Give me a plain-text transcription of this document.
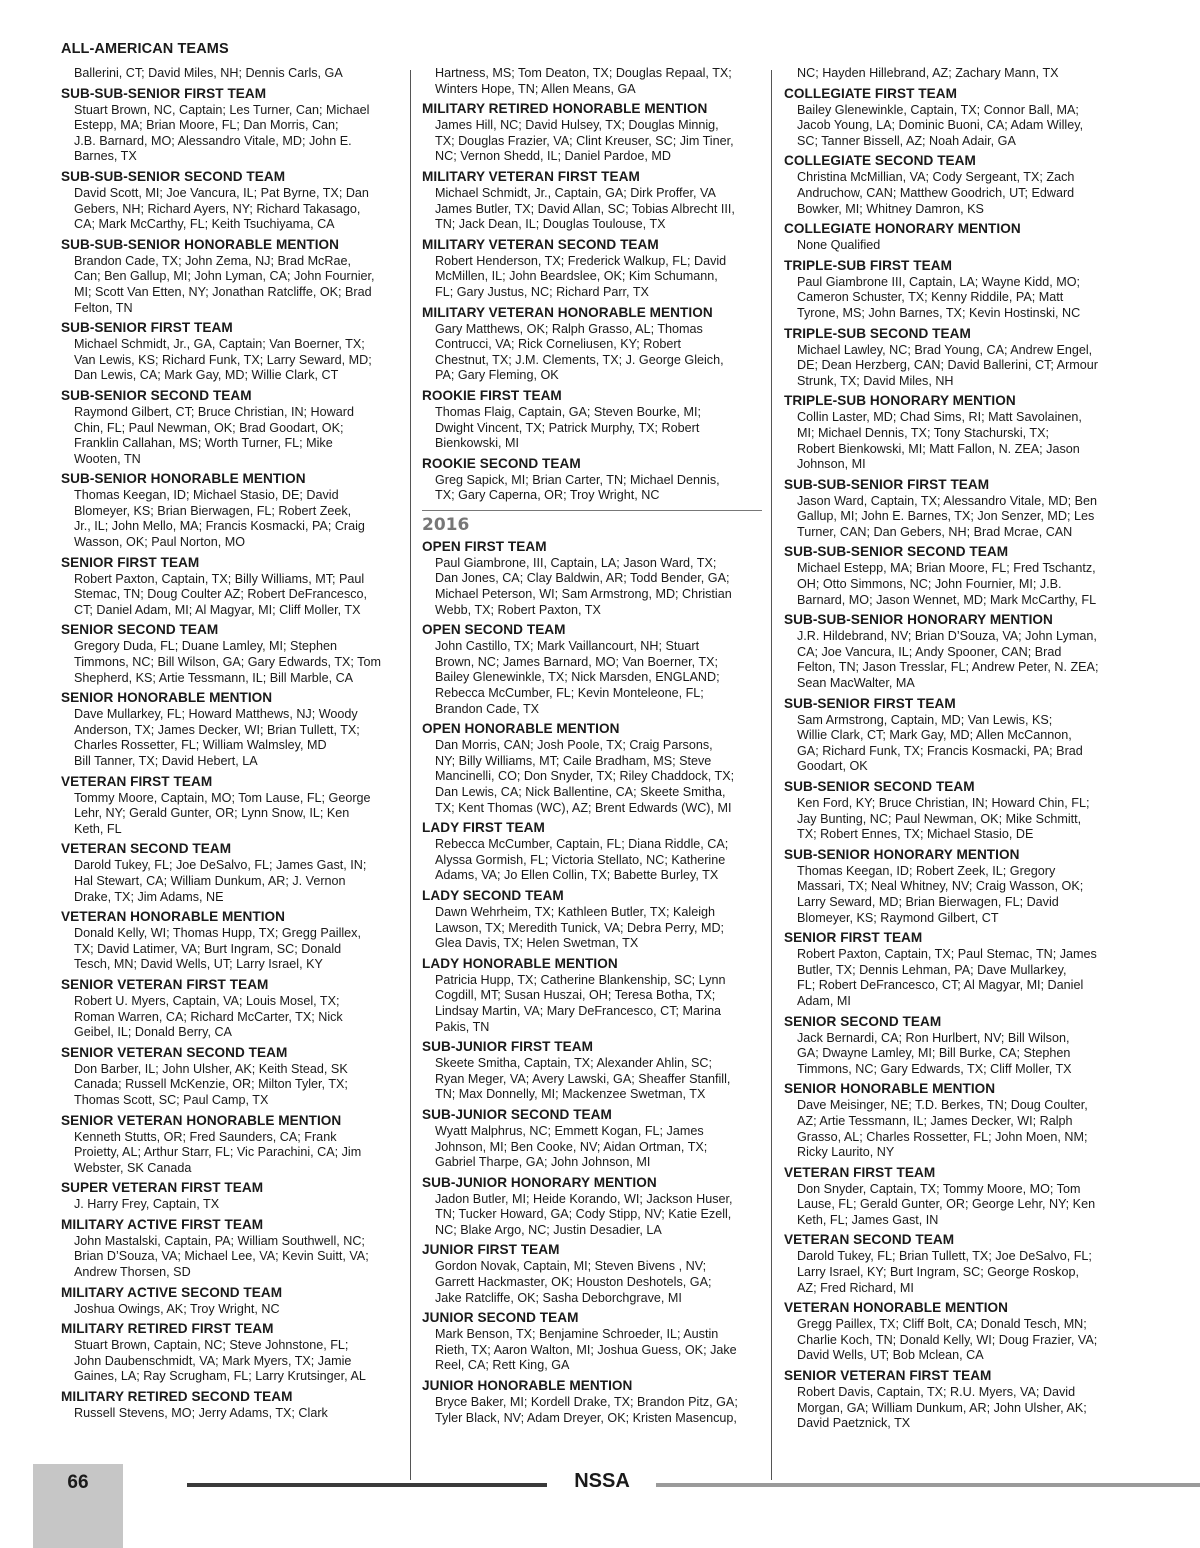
ALL-AMERICAN TEAMS

Ballerini, CT; David Miles, NH; Dennis Carls, GA

SUB-SUB-SENIOR FIRST TEAM

Stuart Brown, NC, Captain; Les Turner, Can; Michael
Estepp, MA; Brian Moore, FL; Dan Morris, Can;
J.B. Barnard, MO; Alessandro Vitale, MD; John E.
Barnes, TX

SUB-SUB-SENIOR SECOND TEAM

David Scott, MI; Joe Vancura, IL; Pat Byrne, TX; Dan
Gebers, NH; Richard Ayers, NY; Richard Takasago,
CA; Mark McCarthy, FL; Keith Tsuchiyama, CA

SUB-SUB-SENIOR HONORABLE MENTION

Brandon Cade, TX; John Zema, NJ; Brad McRae,
Can; Ben Gallup, MI; John Lyman, CA; John Fournier,
MI; Scott Van Etten, NY; Jonathan Ratcliffe, OK; Brad
Felton, TN

SUB-SENIOR FIRST TEAM

Michael Schmidt, Jr., GA, Captain; Van Boerner, TX;
Van Lewis, KS; Richard Funk, TX; Larry Seward, MD;
Dan Lewis, CA; Mark Gay, MD; Willie Clark, CT

SUB-SENIOR SECOND TEAM

Raymond Gilbert, CT; Bruce Christian, IN; Howard
Chin, FL; Paul Newman, OK; Brad Goodart, OK;
Franklin Callahan, MS; Worth Turner, FL; Mike
Wooten, TN

SUB-SENIOR HONORABLE MENTION

Thomas Keegan, ID; Michael Stasio, DE; David
Blomeyer, KS; Brian Bierwagen, FL; Robert Zeek,
Jr., IL; John Mello, MA; Francis Kosmacki, PA; Craig
Wasson, OK; Paul Norton, MO

SENIOR FIRST TEAM

Robert Paxton, Captain, TX; Billy Williams, MT; Paul
Stemac, TN; Doug Coulter AZ; Robert DeFrancesco,
CT; Daniel Adam, MI; Al Magyar, MI; Cliff Moller, TX

SENIOR SECOND TEAM

Gregory Duda, FL; Duane Lamley, MI; Stephen
Timmons, NC; Bill Wilson, GA; Gary Edwards, TX; Tom
Shepherd, KS; Artie Tessmann, IL; Bill Marble, CA

SENIOR HONORABLE MENTION

Dave Mullarkey, FL; Howard Matthews, NJ; Woody
Anderson, TX; James Decker, WI; Brian Tullett, TX;
Charles Rossetter, FL; William Walmsley, MD
Bill Tanner, TX; David Hebert, LA

VETERAN FIRST TEAM

Tommy Moore, Captain, MO; Tom Lause, FL; George
Lehr, NY; Gerald Gunter, OR; Lynn Snow, IL; Ken
Keth, FL

VETERAN SECOND TEAM

Darold Tukey, FL; Joe DeSalvo, FL; James Gast, IN;
Hal Stewart, CA; William Dunkum, AR; J. Vernon
Drake, TX; Jim Adams, NE

VETERAN HONORABLE MENTION

Donald Kelly, WI; Thomas Hupp, TX; Gregg Paillex,
TX; David Latimer, VA; Burt Ingram, SC; Donald
Tesch, MN; David Wells, UT; Larry Israel, KY

SENIOR VETERAN FIRST TEAM

Robert U. Myers, Captain, VA; Louis Mosel, TX;
Roman Warren, CA; Richard McCarter, TX; Nick
Geibel, IL; Donald Berry, CA

SENIOR VETERAN SECOND TEAM

Don Barber, IL; John Ulsher, AK; Keith Stead, SK
Canada; Russell McKenzie, OR; Milton Tyler, TX;
Thomas Scott, SC; Paul Camp, TX

SENIOR VETERAN HONORABLE MENTION

Kenneth Stutts, OR; Fred Saunders, CA; Frank
Proietty, AL; Arthur Starr, FL; Vic Parachini, CA; Jim
Webster, SK Canada

SUPER VETERAN FIRST TEAM

J. Harry Frey, Captain, TX

MILITARY ACTIVE FIRST TEAM

John Mastalski, Captain, PA; William Southwell, NC;
Brian D’Souza, VA; Michael Lee, VA; Kevin Suitt, VA;
Andrew Thorsen, SD

MILITARY ACTIVE SECOND TEAM

Joshua Owings, AK; Troy Wright, NC

MILITARY RETIRED FIRST TEAM

Stuart Brown, Captain, NC; Steve Johnstone, FL;
John Daubenschmidt, VA; Mark Myers, TX; Jamie
Gaines, LA; Ray Scrugham, FL; Larry Krutsinger, AL

MILITARY RETIRED SECOND TEAM

Russell Stevens, MO; Jerry Adams, TX; Clark

Hartness, MS; Tom Deaton, TX; Douglas Repaal, TX;
Winters Hope, TN; Allen Means, GA

MILITARY RETIRED HONORABLE MENTION

James Hill, NC; David Hulsey, TX; Douglas Minnig,
TX; Douglas Frazier, VA; Clint Kreuser, SC; Jim Tiner,
NC; Vernon Shedd, IL; Daniel Pardoe, MD

MILITARY VETERAN FIRST TEAM

Michael Schmidt, Jr., Captain, GA; Dirk Proffer, VA
James Butler, TX; David Allan, SC; Tobias Albrecht III,
TN; Jack Dean, IL; Douglas Toulouse, TX

MILITARY VETERAN SECOND TEAM

Robert Henderson, TX; Frederick Walkup, FL; David
McMillen, IL; John Beardslee, OK; Kim Schumann,
FL; Gary Justus, NC; Richard Parr, TX

MILITARY VETERAN HONORABLE MENTION

Gary Matthews, OK; Ralph Grasso, AL; Thomas
Contrucci, VA; Rick Corneliusen, KY; Robert
Chestnut, TX; J.M. Clements, TX; J. George Gleich,
PA; Gary Fleming, OK

ROOKIE FIRST TEAM

Thomas Flaig, Captain, GA; Steven Bourke, MI;
Dwight Vincent, TX; Patrick Murphy, TX; Robert
Bienkowski, MI

ROOKIE SECOND TEAM

Greg Sapick, MI; Brian Carter, TN; Michael Dennis,
TX; Gary Caperna, OR; Troy Wright, NC

2016
OPEN FIRST TEAM

Paul Giambrone, III, Captain, LA; Jason Ward, TX;
Dan Jones, CA; Clay Baldwin, AR; Todd Bender, GA;
Michael Peterson, WI; Sam Armstrong, MD; Christian
Webb, TX; Robert Paxton, TX

OPEN SECOND TEAM

John Castillo, TX; Mark Vaillancourt, NH; Stuart
Brown, NC; James Barnard, MO; Van Boerner, TX;
Bailey Glenewinkle, TX; Nick Marsden, ENGLAND;
Rebecca McCumber, FL; Kevin Monteleone, FL;
Brandon Cade, TX

OPEN HONORABLE MENTION

Dan Morris, CAN; Josh Poole, TX; Craig Parsons,
NY; Billy Williams, MT; Caile Bradham, MS; Steve
Mancinelli, CO; Don Snyder, TX; Riley Chaddock, TX;
Dan Lewis, CA; Nick Ballentine, CA; Skeete Smitha,
TX; Kent Thomas (WC), AZ; Brent Edwards (WC), MI

LADY FIRST TEAM

Rebecca McCumber, Captain, FL; Diana Riddle, CA;
Alyssa Gormish, FL; Victoria Stellato, NC; Katherine
Adams, VA; Jo Ellen Collin, TX; Babette Burley, TX

LADY SECOND TEAM

Dawn Wehrheim, TX; Kathleen Butler, TX; Kaleigh
Lawson, TX; Meredith Tunick, VA; Debra Perry, MD;
Glea Davis, TX; Helen Swetman, TX

LADY HONORABLE MENTION

Patricia Hupp, TX; Catherine Blankenship, SC; Lynn
Cogdill, MT; Susan Huszai, OH; Teresa Botha, TX;
Lindsay Martin, VA; Mary DeFrancesco, CT; Marina
Pakis, TN

SUB-JUNIOR FIRST TEAM

Skeete Smitha, Captain, TX; Alexander Ahlin, SC;
Ryan Meger, VA; Avery Lawski, GA; Sheaffer Stanfill,
TN; Max Donnelly, MI; Mackenzee Swetman, TX

SUB-JUNIOR SECOND TEAM

Wyatt Malphrus, NC; Emmett Kogan, FL; James
Johnson, MI; Ben Cooke, NV; Aidan Ortman, TX;
Gabriel Tharpe, GA; John Johnson, MI

SUB-JUNIOR HONORARY MENTION

Jadon Butler, MI; Heide Korando, WI; Jackson Huser,
TN; Tucker Howard, GA; Cody Stipp, NV; Katie Ezell,
NC; Blake Argo, NC; Justin Desadier, LA

JUNIOR FIRST TEAM

Gordon Novak, Captain, MI; Steven Bivens , NV;
Garrett Hackmaster, OK; Houston Deshotels, GA;
Jake Ratcliffe, OK; Sasha Deborchgrave, MI

JUNIOR SECOND TEAM

Mark Benson, TX; Benjamine Schroeder, IL; Austin
Rieth, TX; Aaron Walton, MI; Joshua Guess, OK; Jake
Reel, CA; Rett King, GA

JUNIOR HONORABLE MENTION

Bryce Baker, MI; Kordell Drake, TX; Brandon Pitz, GA;
Tyler Black, NV; Adam Dreyer, OK; Kristen Masencup,

NC; Hayden Hillebrand, AZ; Zachary Mann, TX

COLLEGIATE FIRST TEAM

Bailey Glenewinkle, Captain, TX; Connor Ball, MA;
Jacob Young, LA; Dominic Buoni, CA; Adam Willey,
SC; Tanner Bissell, AZ; Noah Adair, GA

COLLEGIATE SECOND TEAM

Christina McMillian, VA; Cody Sergeant, TX; Zach
Andruchow, CAN; Matthew Goodrich, UT; Edward
Bowker, MI; Whitney Damron, KS

COLLEGIATE HONORARY MENTION

None Qualified

TRIPLE-SUB FIRST TEAM

Paul Giambrone III, Captain, LA; Wayne Kidd, MO;
Cameron Schuster, TX; Kenny Riddile, PA; Matt
Tyrone, MS; John Barnes, TX; Kevin Hostinski, NC

TRIPLE-SUB SECOND TEAM

Michael Lawley, NC; Brad Young, CA; Andrew Engel,
DE; Dean Herzberg, CAN; David Ballerini, CT; Armour
Strunk, TX; David Miles, NH

TRIPLE-SUB HONORARY MENTION

Collin Laster, MD; Chad Sims, RI; Matt Savolainen,
MI; Michael Dennis, TX; Tony Stachurski, TX;
Robert Bienkowski, MI; Matt Fallon, N. ZEA; Jason
Johnson, MI

SUB-SUB-SENIOR FIRST TEAM

Jason Ward, Captain, TX; Alessandro Vitale, MD; Ben
Gallup, MI; John E. Barnes, TX; Jon Senzer, MD; Les
Turner, CAN; Dan Gebers, NH; Brad Mcrae, CAN

SUB-SUB-SENIOR SECOND TEAM

Michael Estepp, MA; Brian Moore, FL; Fred Tschantz,
OH; Otto Simmons, NC; John Fournier, MI; J.B.
Barnard, MO; Jason Wennet, MD; Mark McCarthy, FL

SUB-SUB-SENIOR HONORARY MENTION

J.R. Hildebrand, NV; Brian D’Souza, VA; John Lyman,
CA; Joe Vancura, IL; Andy Spooner, CAN; Brad
Felton, TN; Jason Tresslar, FL; Andrew Peter, N. ZEA;
Sean MacWalter, MA

SUB-SENIOR FIRST TEAM

Sam Armstrong, Captain, MD; Van Lewis, KS;
Willie Clark, CT; Mark Gay, MD; Allen McCannon,
GA; Richard Funk, TX; Francis Kosmacki, PA; Brad
Goodart, OK

SUB-SENIOR SECOND TEAM

Ken Ford, KY; Bruce Christian, IN; Howard Chin, FL;
Jay Bunting, NC; Paul Newman, OK; Mike Schmitt,
TX; Robert Ennes, TX; Michael Stasio, DE

SUB-SENIOR HONORARY MENTION

Thomas Keegan, ID; Robert Zeek, IL; Gregory
Massari, TX; Neal Whitney, NV; Craig Wasson, OK;
Larry Seward, MD; Brian Bierwagen, FL; David
Blomeyer, KS; Raymond Gilbert, CT

SENIOR FIRST TEAM

Robert Paxton, Captain, TX; Paul Stemac, TN; James
Butler, TX; Dennis Lehman, PA; Dave Mullarkey,
FL; Robert DeFrancesco, CT; Al Magyar, MI; Daniel
Adam, MI

SENIOR SECOND TEAM

Jack Bernardi, CA; Ron Hurlbert, NV; Bill Wilson,
GA; Dwayne Lamley, MI; Bill Burke, CA; Stephen
Timmons, NC; Gary Edwards, TX; Cliff Moller, TX

SENIOR HONORABLE MENTION

Dave Meisinger, NE; T.D. Berkes, TN; Doug Coulter,
AZ; Artie Tessmann, IL; James Decker, WI; Ralph
Grasso, AL; Charles Rossetter, FL; John Moen, NM;
Ricky Laurito, NY

VETERAN FIRST TEAM

Don Snyder, Captain, TX; Tommy Moore, MO; Tom
Lause, FL; Gerald Gunter, OR; George Lehr, NY; Ken
Keth, FL; James Gast, IN

VETERAN SECOND TEAM

Darold Tukey, FL; Brian Tullett, TX; Joe DeSalvo, FL;
Larry Israel, KY; Burt Ingram, SC; George Roskop,
AZ; Fred Richard, MI

VETERAN HONORABLE MENTION

Gregg Paillex, TX; Cliff Bolt, CA; Donald Tesch, MN;
Charlie Koch, TN; Donald Kelly, WI; Doug Frazier, VA;
David Wells, UT; Bob Mclean, CA

SENIOR VETERAN FIRST TEAM

Robert Davis, Captain, TX; R.U. Myers, VA; David
Morgan, GA; William Dunkum, AR; John Ulsher, AK;
David Paetznick, TX

66	NSSA
